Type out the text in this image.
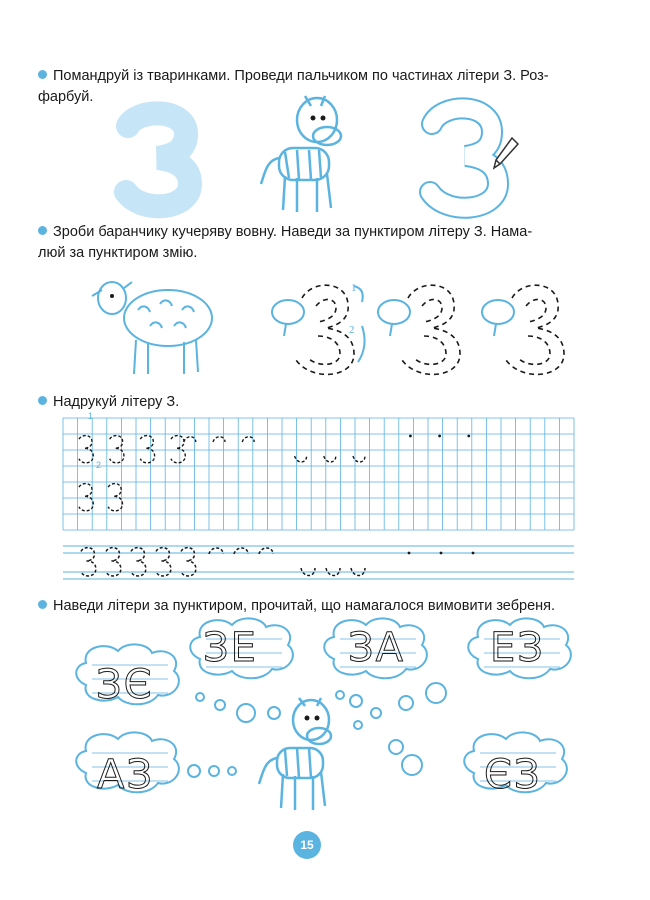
Помандруй із тваринками. Проведи пальчиком по частинах літери З. Роз-
фарбуй.
Зроби баранчику кучеряву вовну. Наведи за пунктиром літеру З. Нама-
люй за пунктиром змію.
1
2
Надрукуй літеру З.
1
2
Наведи літери за пунктиром, прочитай, що намагалося вимовити зебреня.
ЗЕ ЗА ЕЗ
ЗЄ
АЗ	ЄЗ
15
